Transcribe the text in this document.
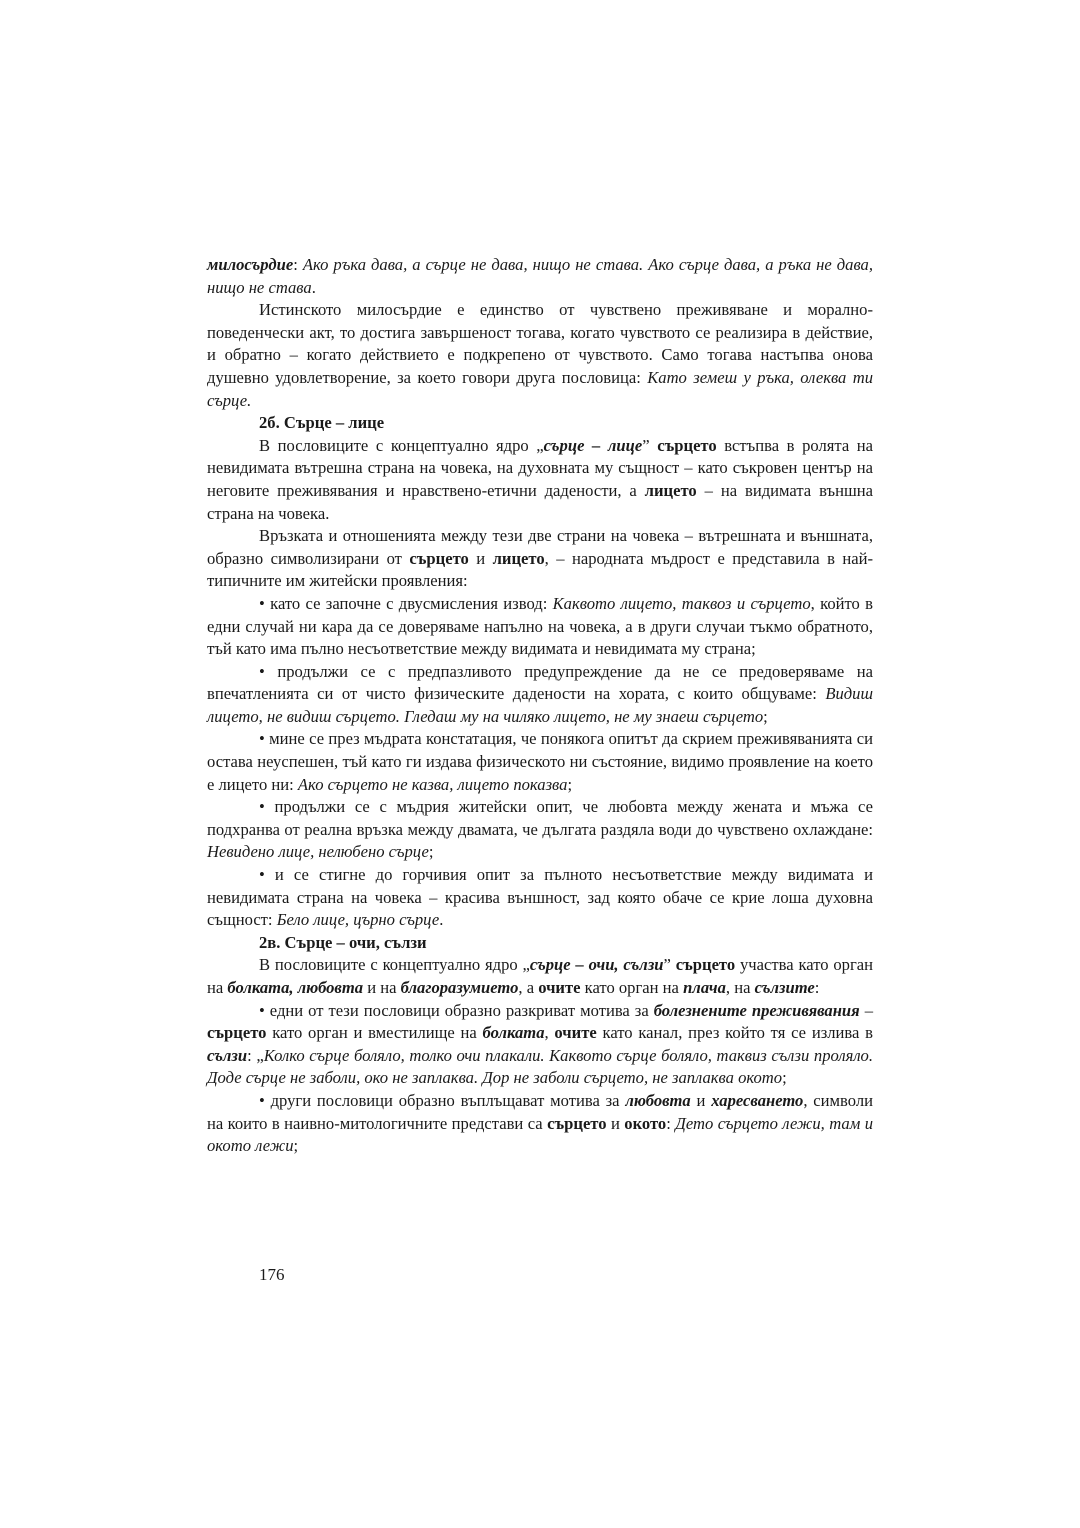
милосърдие: Ако ръка дава, а сърце не дава, нищо не става. Ако сърце дава, а ръка не дава, нищо не става.

Истинското милосърдие е единство от чувствено преживяване и морално-поведенчески акт, то достига завършеност тогава, когато чувството се реализира в действие, и обратно – когато действието е подкрепено от чувството. Само тогава настъпва онова душевно удовлетворение, за което говори друга пословица: Като земеш у ръка, олеква ти сърце.

2б. Сърце – лице

В пословиците с концептуално ядро „сърце – лице” сърцето встъпва в ролята на невидимата вътрешна страна на човека, на духовната му същност – като съкровен център на неговите преживявания и нравствено-етични дадености, а лицето – на видимата външна страна на човека.

Връзката и отношенията между тези две страни на човека – вътрешната и външната, образно символизирани от сърцето и лицето, – народната мъдрост е представила в най-типичните им житейски проявления:

• като се започне с двусмисления извод: Каквото лицето, таквоз и сърцето, който в едни случай ни кара да се доверяваме напълно на човека, а в други случаи тъкмо обратното, тъй като има пълно несъответствие между видимата и невидимата му страна;

• продължи се с предпазливото предупреждение да не се предоверяваме на впечатленията си от чисто физическите дадености на хората, с които общуваме: Видиш лицето, не видиш сърцето. Гледаш му на чиляко лицето, не му знаеш сърцето;

• мине се през мъдрата констатация, че понякога опитът да скрием преживяванията си остава неуспешен, тъй като ги издава физическото ни състояние, видимо проявление на което е лицето ни: Ако сърцето не казва, лицето показва;

• продължи се с мъдрия житейски опит, че любовта между жената и мъжа се подхранва от реална връзка между двамата, че дългата раздяла води до чувствено охлаждане: Невидено лице, нелюбено сърце;

• и се стигне до горчивия опит за пълното несъответствие между видимата и невидимата страна на човека – красива външност, зад която обаче се крие лоша духовна същност: Бело лице, църно сърце.

2в. Сърце – очи, сълзи

В пословиците с концептуално ядро „сърце – очи, сълзи” сърцето участва като орган на болката, любовта и на благоразумието, а очите като орган на плача, на сълзите:

• едни от тези пословици образно разкриват мотива за болезнените преживявания – сърцето като орган и вместилище на болката, очите като канал, през който тя се излива в сълзи: „Колко сърце боляло, толко очи плакали. Каквото сърце боляло, таквиз сълзи пролялo. Доде сърце не заболи, око не заплаква. Дор не заболи сърцето, не заплаква окото;

• други пословици образно въплъщават мотива за любовта и харесването, символи на които в наивно-митологичните представи са сърцето и окото: Дето сърцето лежи, там и окото лежи;

176
